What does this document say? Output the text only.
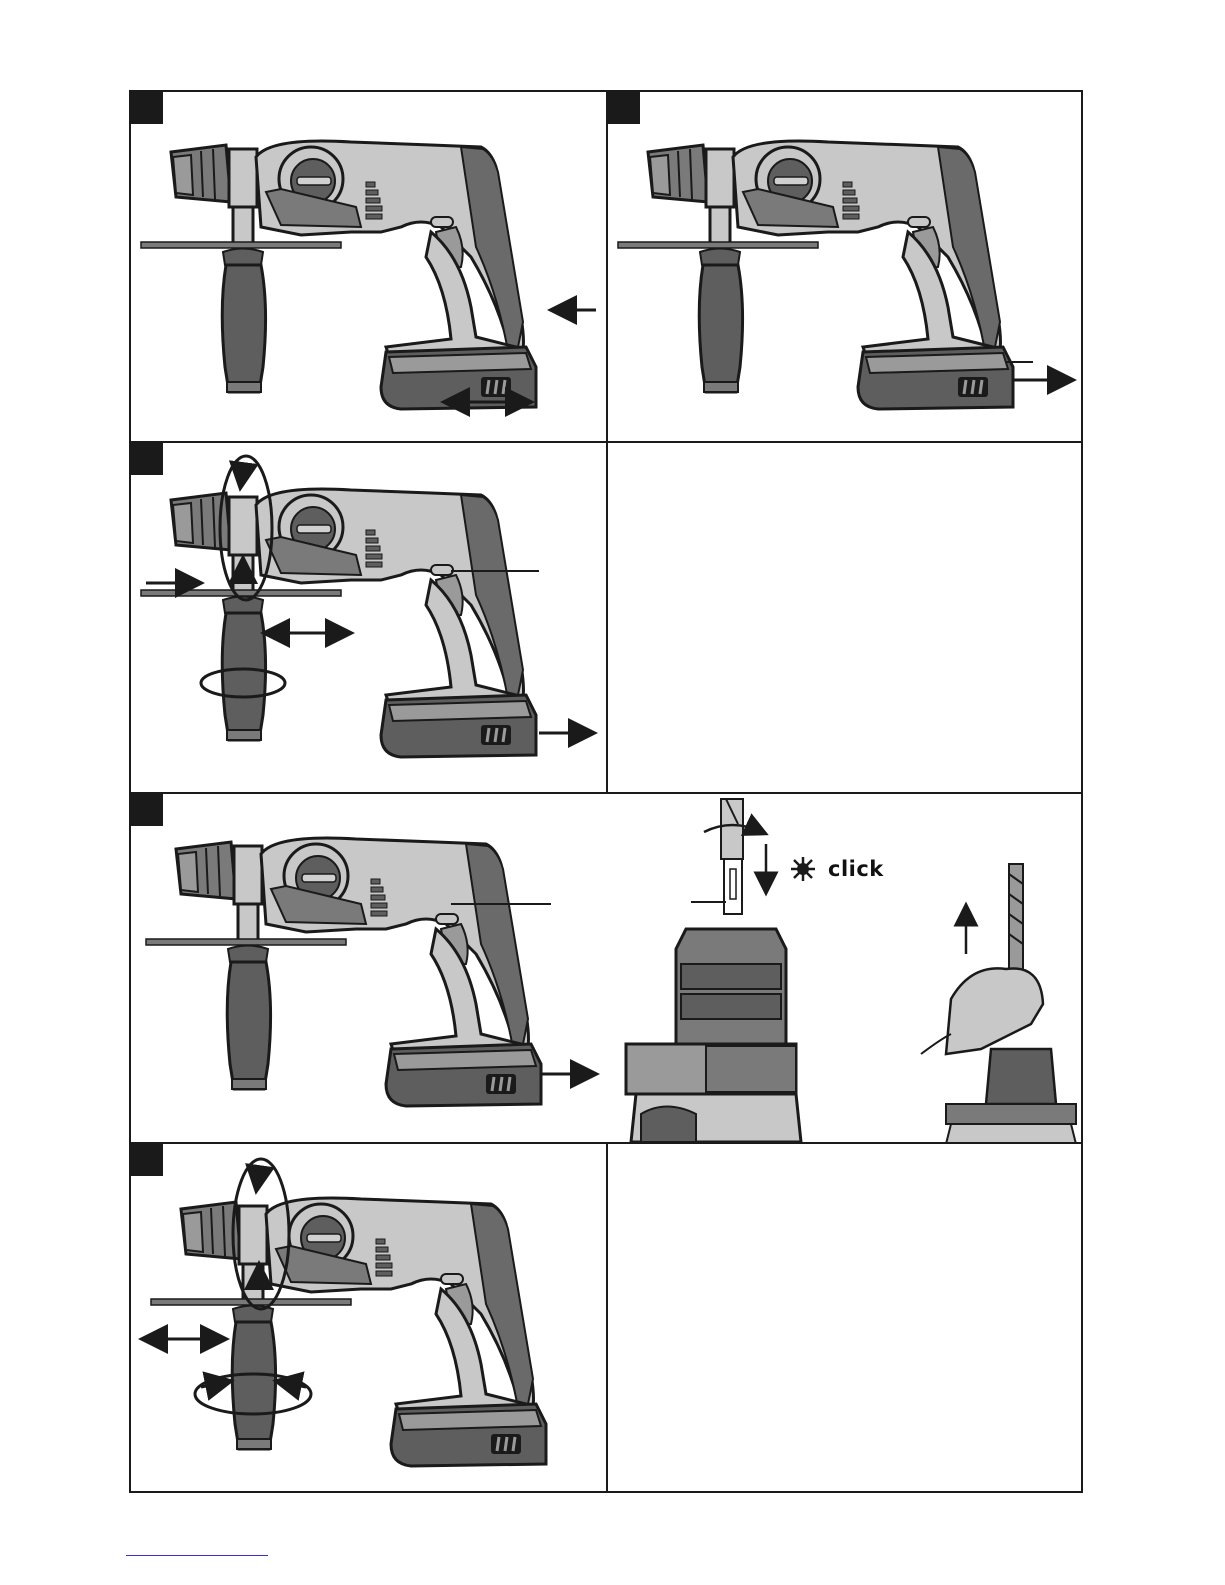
click
